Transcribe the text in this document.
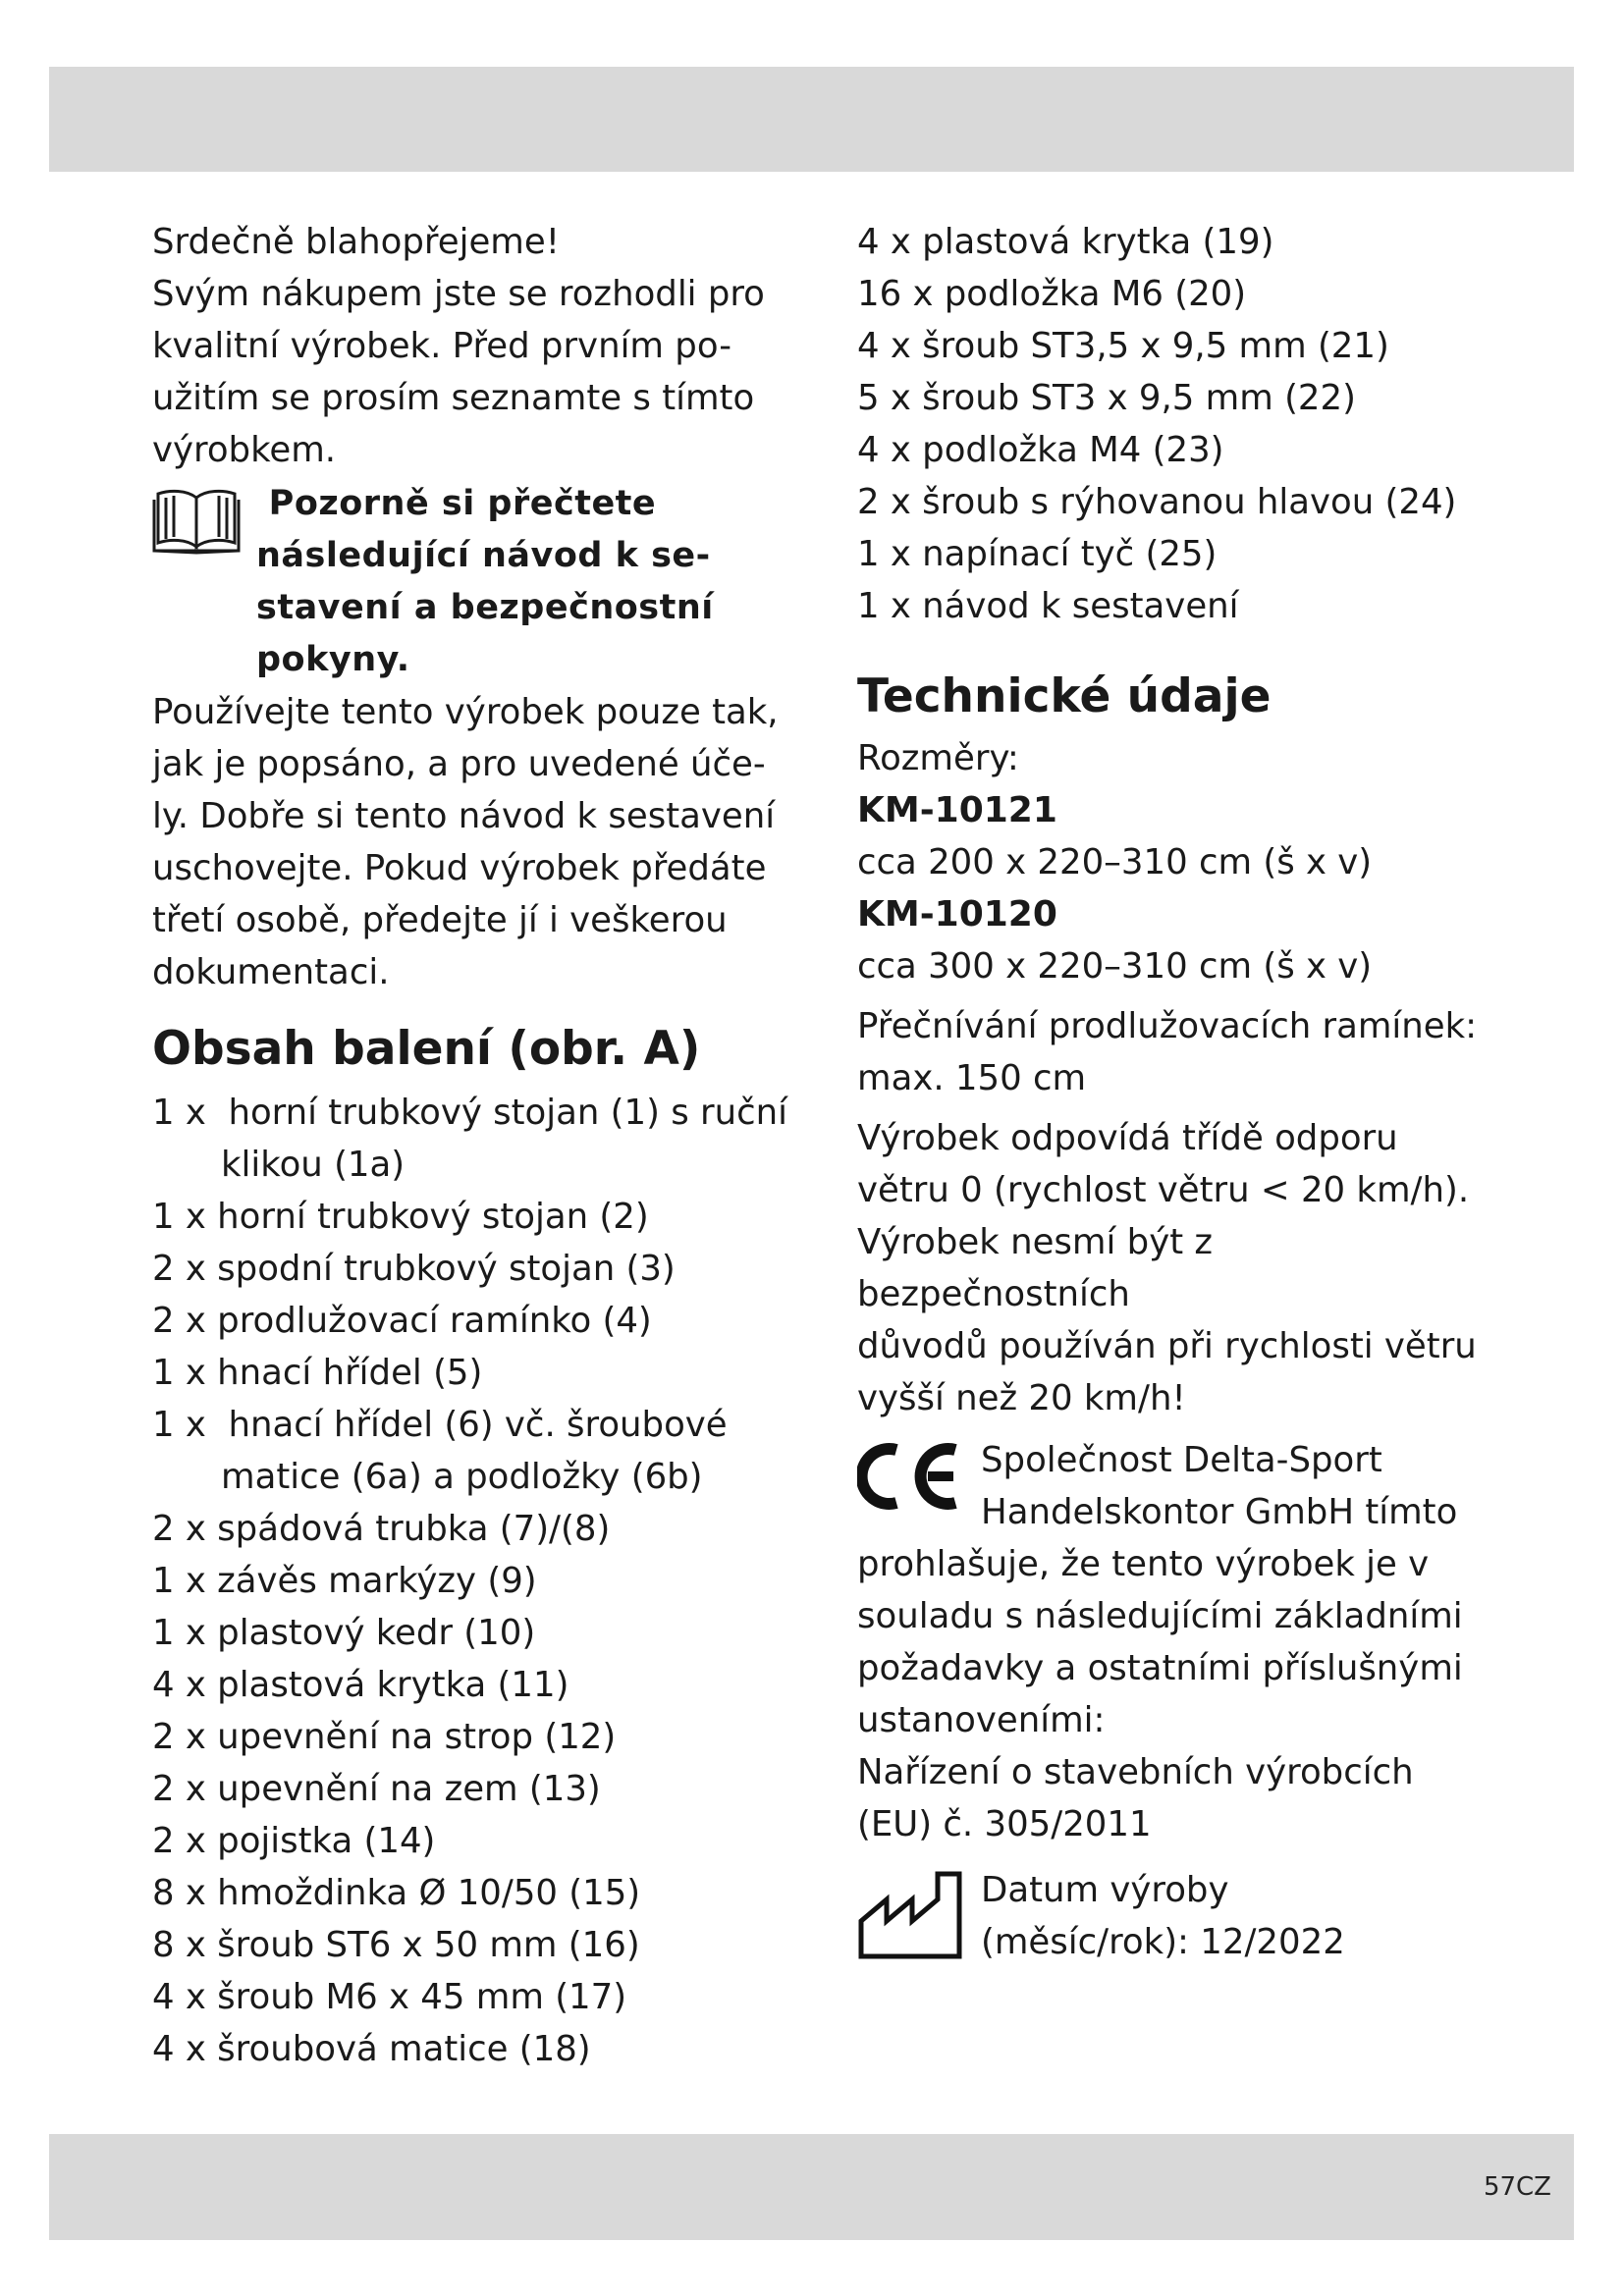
Srdečně blahopřejeme!

Svým nákupem jste se rozhodli pro

kvalitní výrobek. Před prvním po-

užitím se prosím seznamte s tímto

výrobkem.

Pozorně si přečtete

následující návod k se-

stavení a bezpečnostní

pokyny.

Používejte tento výrobek pouze tak,

jak je popsáno, a pro uvedené úče-

ly. Dobře si tento návod k sestavení

uschovejte. Pokud výrobek předáte

třetí osobě, předejte jí i veškerou

dokumentaci.

Obsah balení (obr. A)
1 x  horní trubkový stojan (1) s ruční
klikou (1a)
1 x horní trubkový stojan (2)
2 x spodní trubkový stojan (3)
2 x prodlužovací ramínko (4)
1 x hnací hřídel (5)
1 x  hnací hřídel (6) vč. šroubové
matice (6a) a podložky (6b)
2 x spádová trubka (7)/(8)
1 x závěs markýzy (9)
1 x plastový kedr (10)
4 x plastová krytka (11)
2 x upevnění na strop (12)
2 x upevnění na zem (13)
2 x pojistka (14)
8 x hmoždinka Ø 10/50 (15)
8 x šroub ST6 x 50 mm (16)
4 x šroub M6 x 45 mm (17)
4 x šroubová matice (18)
4 x plastová krytka (19)
16 x podložka M6 (20)
4 x šroub ST3,5 x 9,5 mm (21)
5 x šroub ST3 x 9,5 mm (22)
4 x podložka M4 (23)
2 x šroub s rýhovanou hlavou (24)
1 x napínací tyč (25)
1 x návod k sestavení
Technické údaje

Rozměry:

KM-10121

cca 200 x 220–310 cm (š x v)

KM-10120

cca 300 x 220–310 cm (š x v)

Přečnívání prodlužovacích ramínek:

max. 150 cm

Výrobek odpovídá třídě odporu

větru 0 (rychlost větru < 20 km/h).

Výrobek nesmí být z bezpečnostních

důvodů používán při rychlosti větru

vyšší než 20 km/h!

Společnost Delta-Sport

Handelskontor GmbH tímto

prohlašuje, že tento výrobek je v

souladu s následujícími základními

požadavky a ostatními příslušnými

ustanoveními:

Nařízení o stavebních výrobcích

(EU) č. 305/2011

Datum výroby

(měsíc/rok): 12/2022

57CZ
